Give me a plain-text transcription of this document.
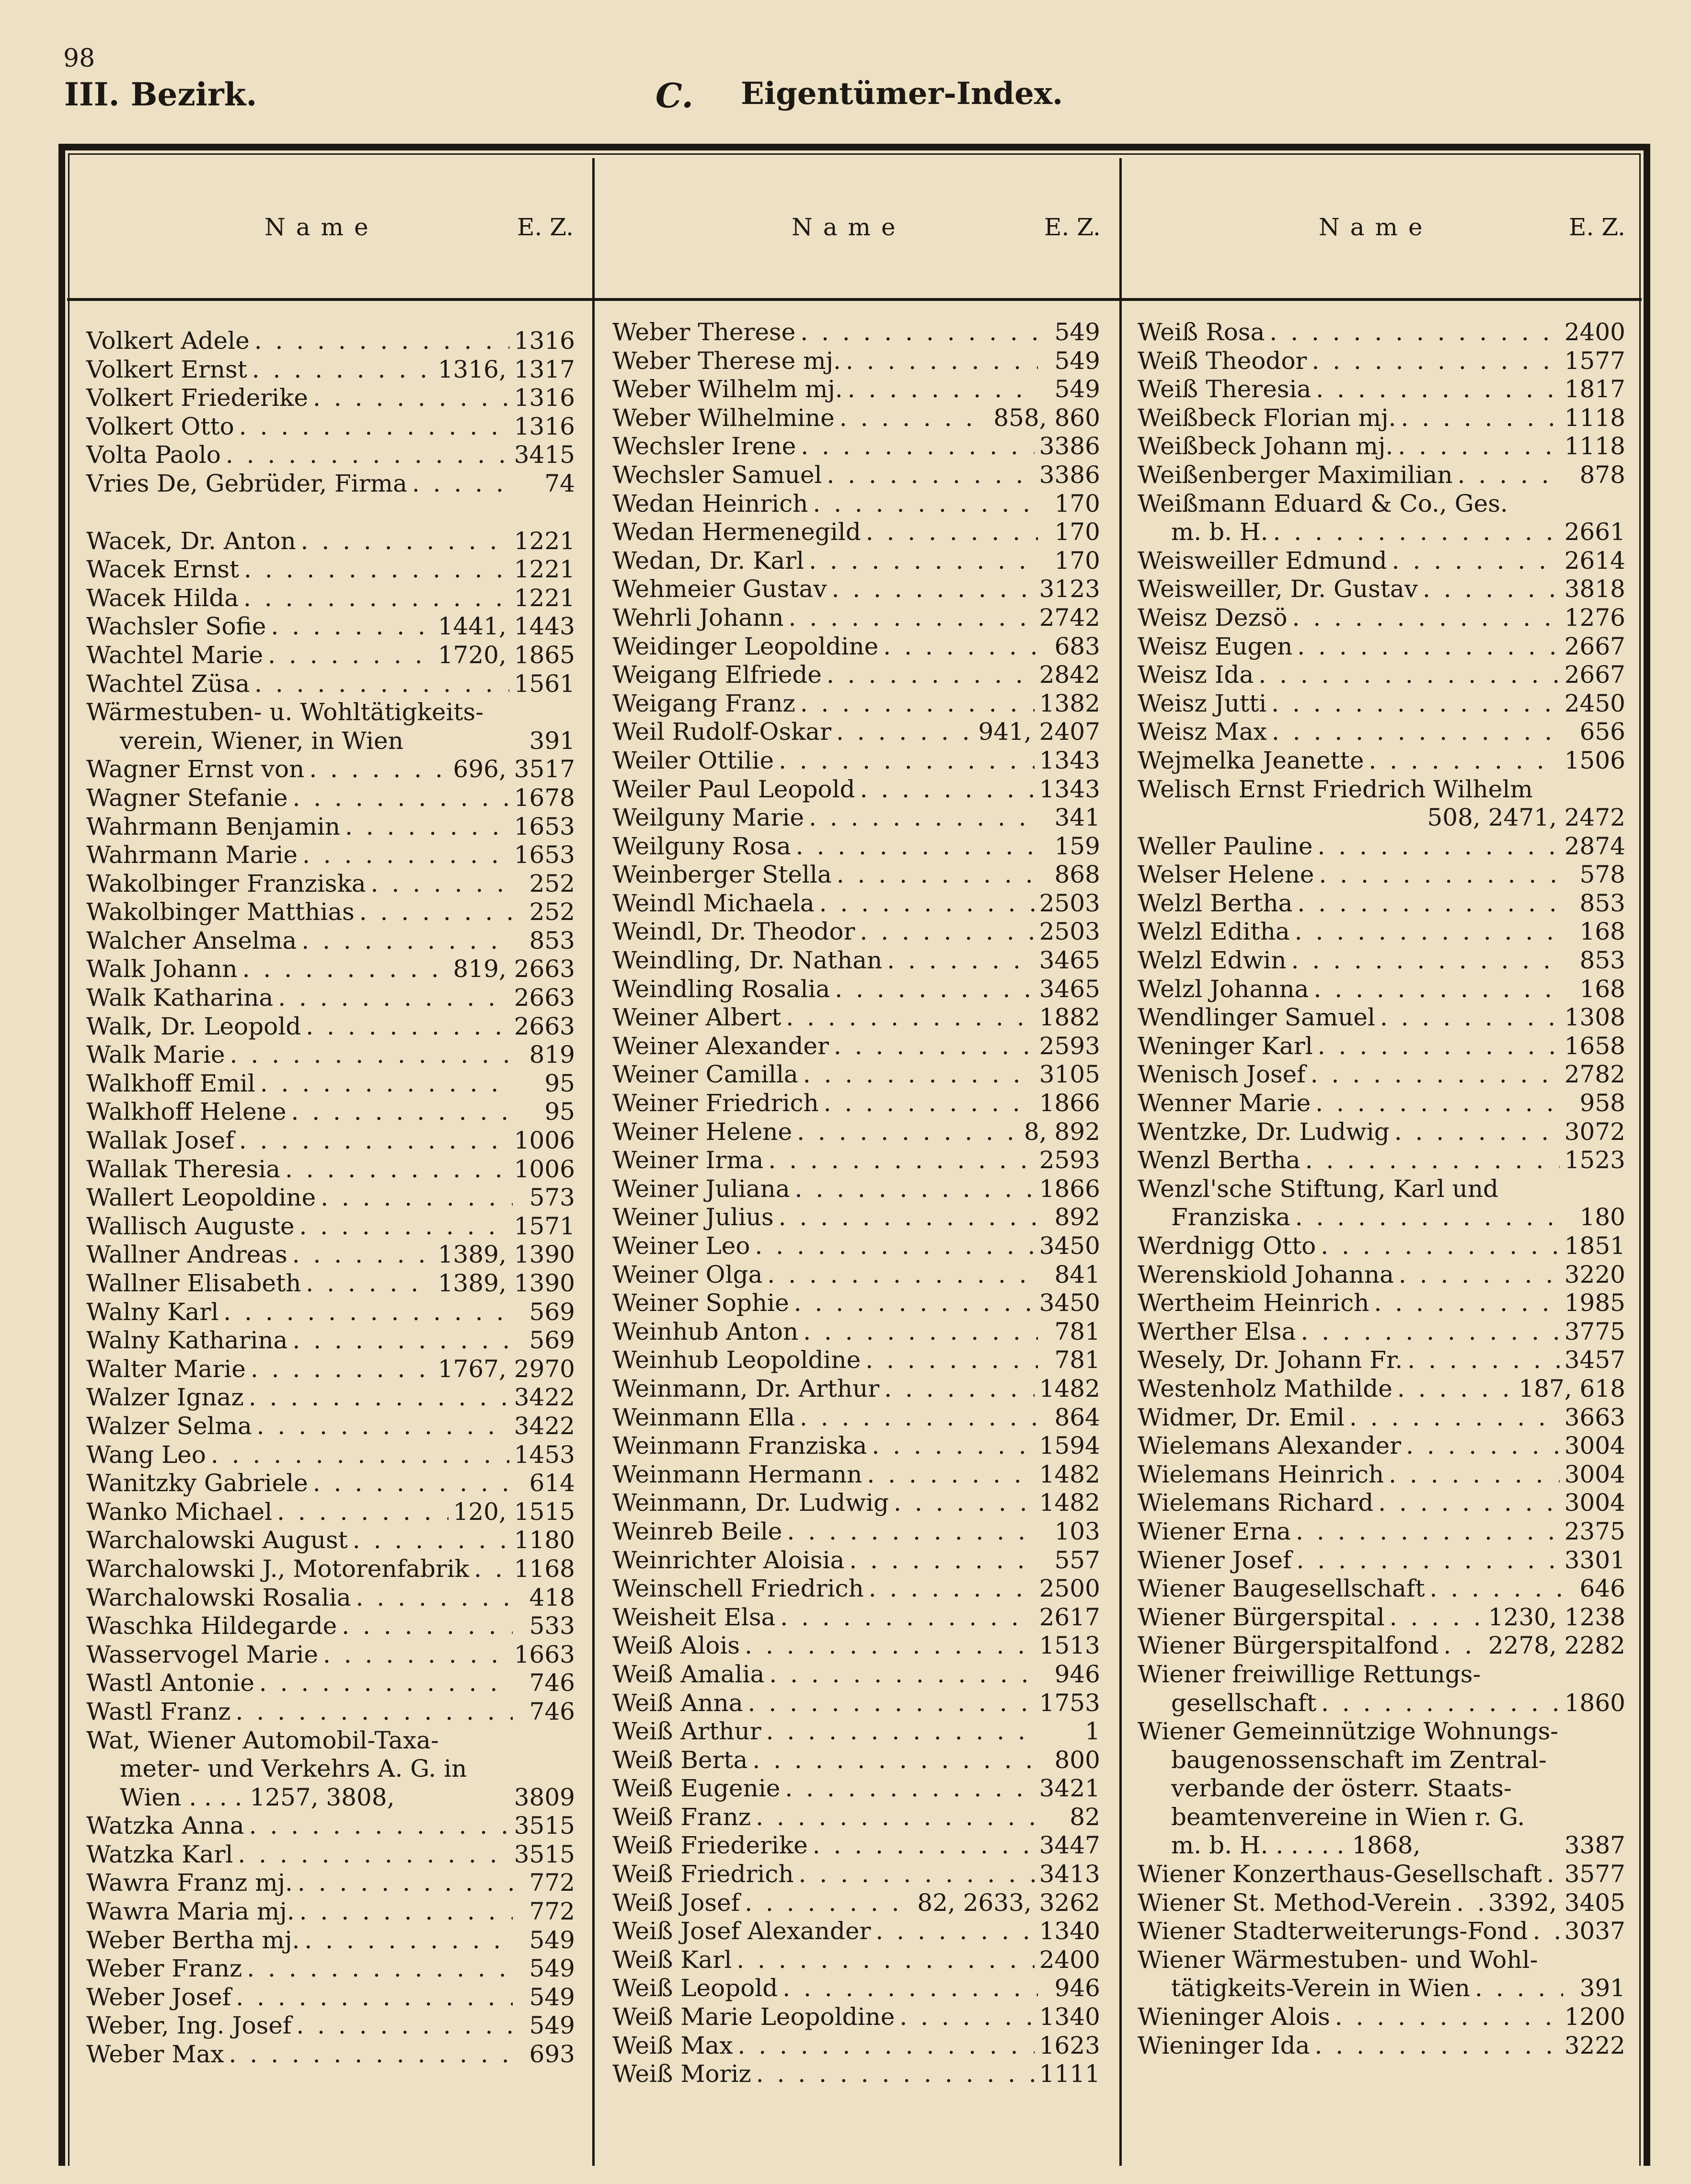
98
III. Bezirk.	C. Eigentümer-Index.
Name	E. Z.	Name	E. Z.	Name	E. Z.
Volkert Adele . . .	1316
Volkert Ernst . . .	1316, 1317
Volkert Friederike . . .	1316
Volkert Otto . . .	1316
Volta Paolo . . .	3415
Vries De, Gebrüder, Firma . . .	74
Wacek, Dr. Anton . . .	1221
Wacek Ernst . . .	1221
Wacek Hilda . . .	1221
Wachsler Sofie . . .	1441, 1443
Wachtel Marie . . .	1720, 1865
Wachtel Züsa . . .	1561
Wärmestuben- u. Wohltätigkeits-
verein, Wiener, in Wien	391
Wagner Ernst von . . .	696, 3517
Wagner Stefanie . . .	1678
Wahrmann Benjamin . . .	1653
Wahrmann Marie . . .	1653
Wakolbinger Franziska . . .	252
Wakolbinger Matthias . . .	252
Walcher Anselma . . .	853
Walk Johann . . .	819, 2663
Walk Katharina . . .	2663
Walk, Dr. Leopold . . .	2663
Walk Marie . . .	819
Walkhoff Emil . . .	95
Walkhoff Helene . . .	95
Wallak Josef . . .	1006
Wallak Theresia . . .	1006
Wallert Leopoldine . . .	573
Wallisch Auguste . . .	1571
Wallner Andreas . . .	1389, 1390
Wallner Elisabeth . . .	1389, 1390
Walny Karl . . .	569
Walny Katharina . . .	569
Walter Marie . . .	1767, 2970
Walzer Ignaz . . .	3422
Walzer Selma . . .	3422
Wang Leo . . .	1453
Wanitzky Gabriele . . .	614
Wanko Michael . . .	120, 1515
Warchalowski August . . .	1180
Warchalowski J., Motorenfabrik . . . 1168
Warchalowski Rosalia . . .	418
Waschka Hildegarde . . .	533
Wasservogel Marie . . .	1663
Wastl Antonie . . .	746
Wastl Franz . . .	746
Wat, Wiener Automobil-Taxa-
meter- und Verkehrs A. G. in
Wien . . . . 1257, 3808,	3809
Watzka Anna . . .	3515
Watzka Karl . . .	3515
Wawra Franz mj. . . .	772
Wawra Maria mj. . . .	772
Weber Bertha mj. . . .	549
Weber Franz . . .	549
Weber Josef . . .	549
Weber, Ing. Josef . . .	549
Weber Max . . .	693
Weber Therese . . .	549
Weber Therese mj. . . .	549
Weber Wilhelm mj. . . .	549
Weber Wilhelmine . . .	858, 860
Wechsler Irene . . .	3386
Wechsler Samuel . . .	3386
Wedan Heinrich . . .	170
Wedan Hermenegild . . .	170
Wedan, Dr. Karl . . .	170
Wehmeier Gustav . . .	3123
Wehrli Johann . . .	2742
Weidinger Leopoldine . . .	683
Weigang Elfriede . . .	2842
Weigang Franz . . .	1382
Weil Rudolf-Oskar . . .	941, 2407
Weiler Ottilie . . .	1343
Weiler Paul Leopold . . .	1343
Weilguny Marie . . .	341
Weilguny Rosa . . .	159
Weinberger Stella . . .	868
Weindl Michaela . . .	2503
Weindl, Dr. Theodor . . .	2503
Weindling, Dr. Nathan . . .	3465
Weindling Rosalia . . .	3465
Weiner Albert . . .	1882
Weiner Alexander . . .	2593
Weiner Camilla . . .	3105
Weiner Friedrich . . .	1866
Weiner Helene . . .	8, 892
Weiner Irma . . .	2593
Weiner Juliana . . .	1866
Weiner Julius . . .	892
Weiner Leo . . .	3450
Weiner Olga . . .	841
Weiner Sophie . . .	3450
Weinhub Anton . . .	781
Weinhub Leopoldine . . .	781
Weinmann, Dr. Arthur . . .	1482
Weinmann Ella . . .	864
Weinmann Franziska . . .	1594
Weinmann Hermann . . .	1482
Weinmann, Dr. Ludwig . . .	1482
Weinreb Beile . . .	103
Weinrichter Aloisia . . .	557
Weinschell Friedrich . . .	2500
Weisheit Elsa . . .	2617
Weiß Alois . . .	1513
Weiß Amalia . . .	946
Weiß Anna . . .	1753
Weiß Arthur . . .	1
Weiß Berta . . .	800
Weiß Eugenie . . .	3421
Weiß Franz . . .	82
Weiß Friederike . . .	3447
Weiß Friedrich . . .	3413
Weiß Josef . . .	82, 2633, 3262
Weiß Josef Alexander . . .	1340
Weiß Karl . . .	2400
Weiß Leopold . . .	946
Weiß Marie Leopoldine . . .	1340
Weiß Max . . .	1623
Weiß Moriz . . .	1111
Weiß Rosa . . .	2400
Weiß Theodor . . .	1577
Weiß Theresia . . .	1817
Weißbeck Florian mj. . . .	1118
Weißbeck Johann mj. . . .	1118
Weißenberger Maximilian . . .	878
Weißmann Eduard & Co., Ges.
m. b. H. . . .	2661
Weisweiller Edmund . . .	2614
Weisweiller, Dr. Gustav . . .	3818
Weisz Dezsö . . .	1276
Weisz Eugen . . .	2667
Weisz Ida . . .	2667
Weisz Jutti . . .	2450
Weisz Max . . .	656
Wejmelka Jeanette . . .	1506
Welisch Ernst Friedrich Wilhelm
508, 2471, 2472
Weller Pauline . . .	2874
Welser Helene . . .	578
Welzl Bertha . . .	853
Welzl Editha . . .	168
Welzl Edwin . . .	853
Welzl Johanna . . .	168
Wendlinger Samuel . . .	1308
Weninger Karl . . .	1658
Wenisch Josef . . .	2782
Wenner Marie . . .	958
Wentzke, Dr. Ludwig . . .	3072
Wenzl Bertha . . .	1523
Wenzl'sche Stiftung, Karl und
Franziska . . .	180
Werdnigg Otto . . .	1851
Werenskiold Johanna . . .	3220
Wertheim Heinrich . . .	1985
Werther Elsa . . .	3775
Wesely, Dr. Johann Fr. . . .	3457
Westenholz Mathilde . . .	187, 618
Widmer, Dr. Emil . . .	3663
Wielemans Alexander . . .	3004
Wielemans Heinrich . . .	3004
Wielemans Richard . . .	3004
Wiener Erna . . .	2375
Wiener Josef . . .	3301
Wiener Baugesellschaft . . .	646
Wiener Bürgerspital . . .	1230, 1238
Wiener Bürgerspitalfond . . . 2278, 2282
Wiener freiwillige Rettungs-
gesellschaft . . .	1860
Wiener Gemeinnützige Wohnungs-
baugenossenschaft im Zentral-
verbande der österr. Staats-
beamtenvereine in Wien r. G.
m. b. H. . . . . . 1868,	3387
Wiener Konzerthaus-Gesellschaft . . . 3577
Wiener St. Method-Verein . . . 3392, 3405
Wiener Stadterweiterungs-Fond . . . 3037
Wiener Wärmestuben- und Wohl-
tätigkeits-Verein in Wien . . .	391
Wieninger Alois . . .	1200
Wieninger Ida . . .	3222
